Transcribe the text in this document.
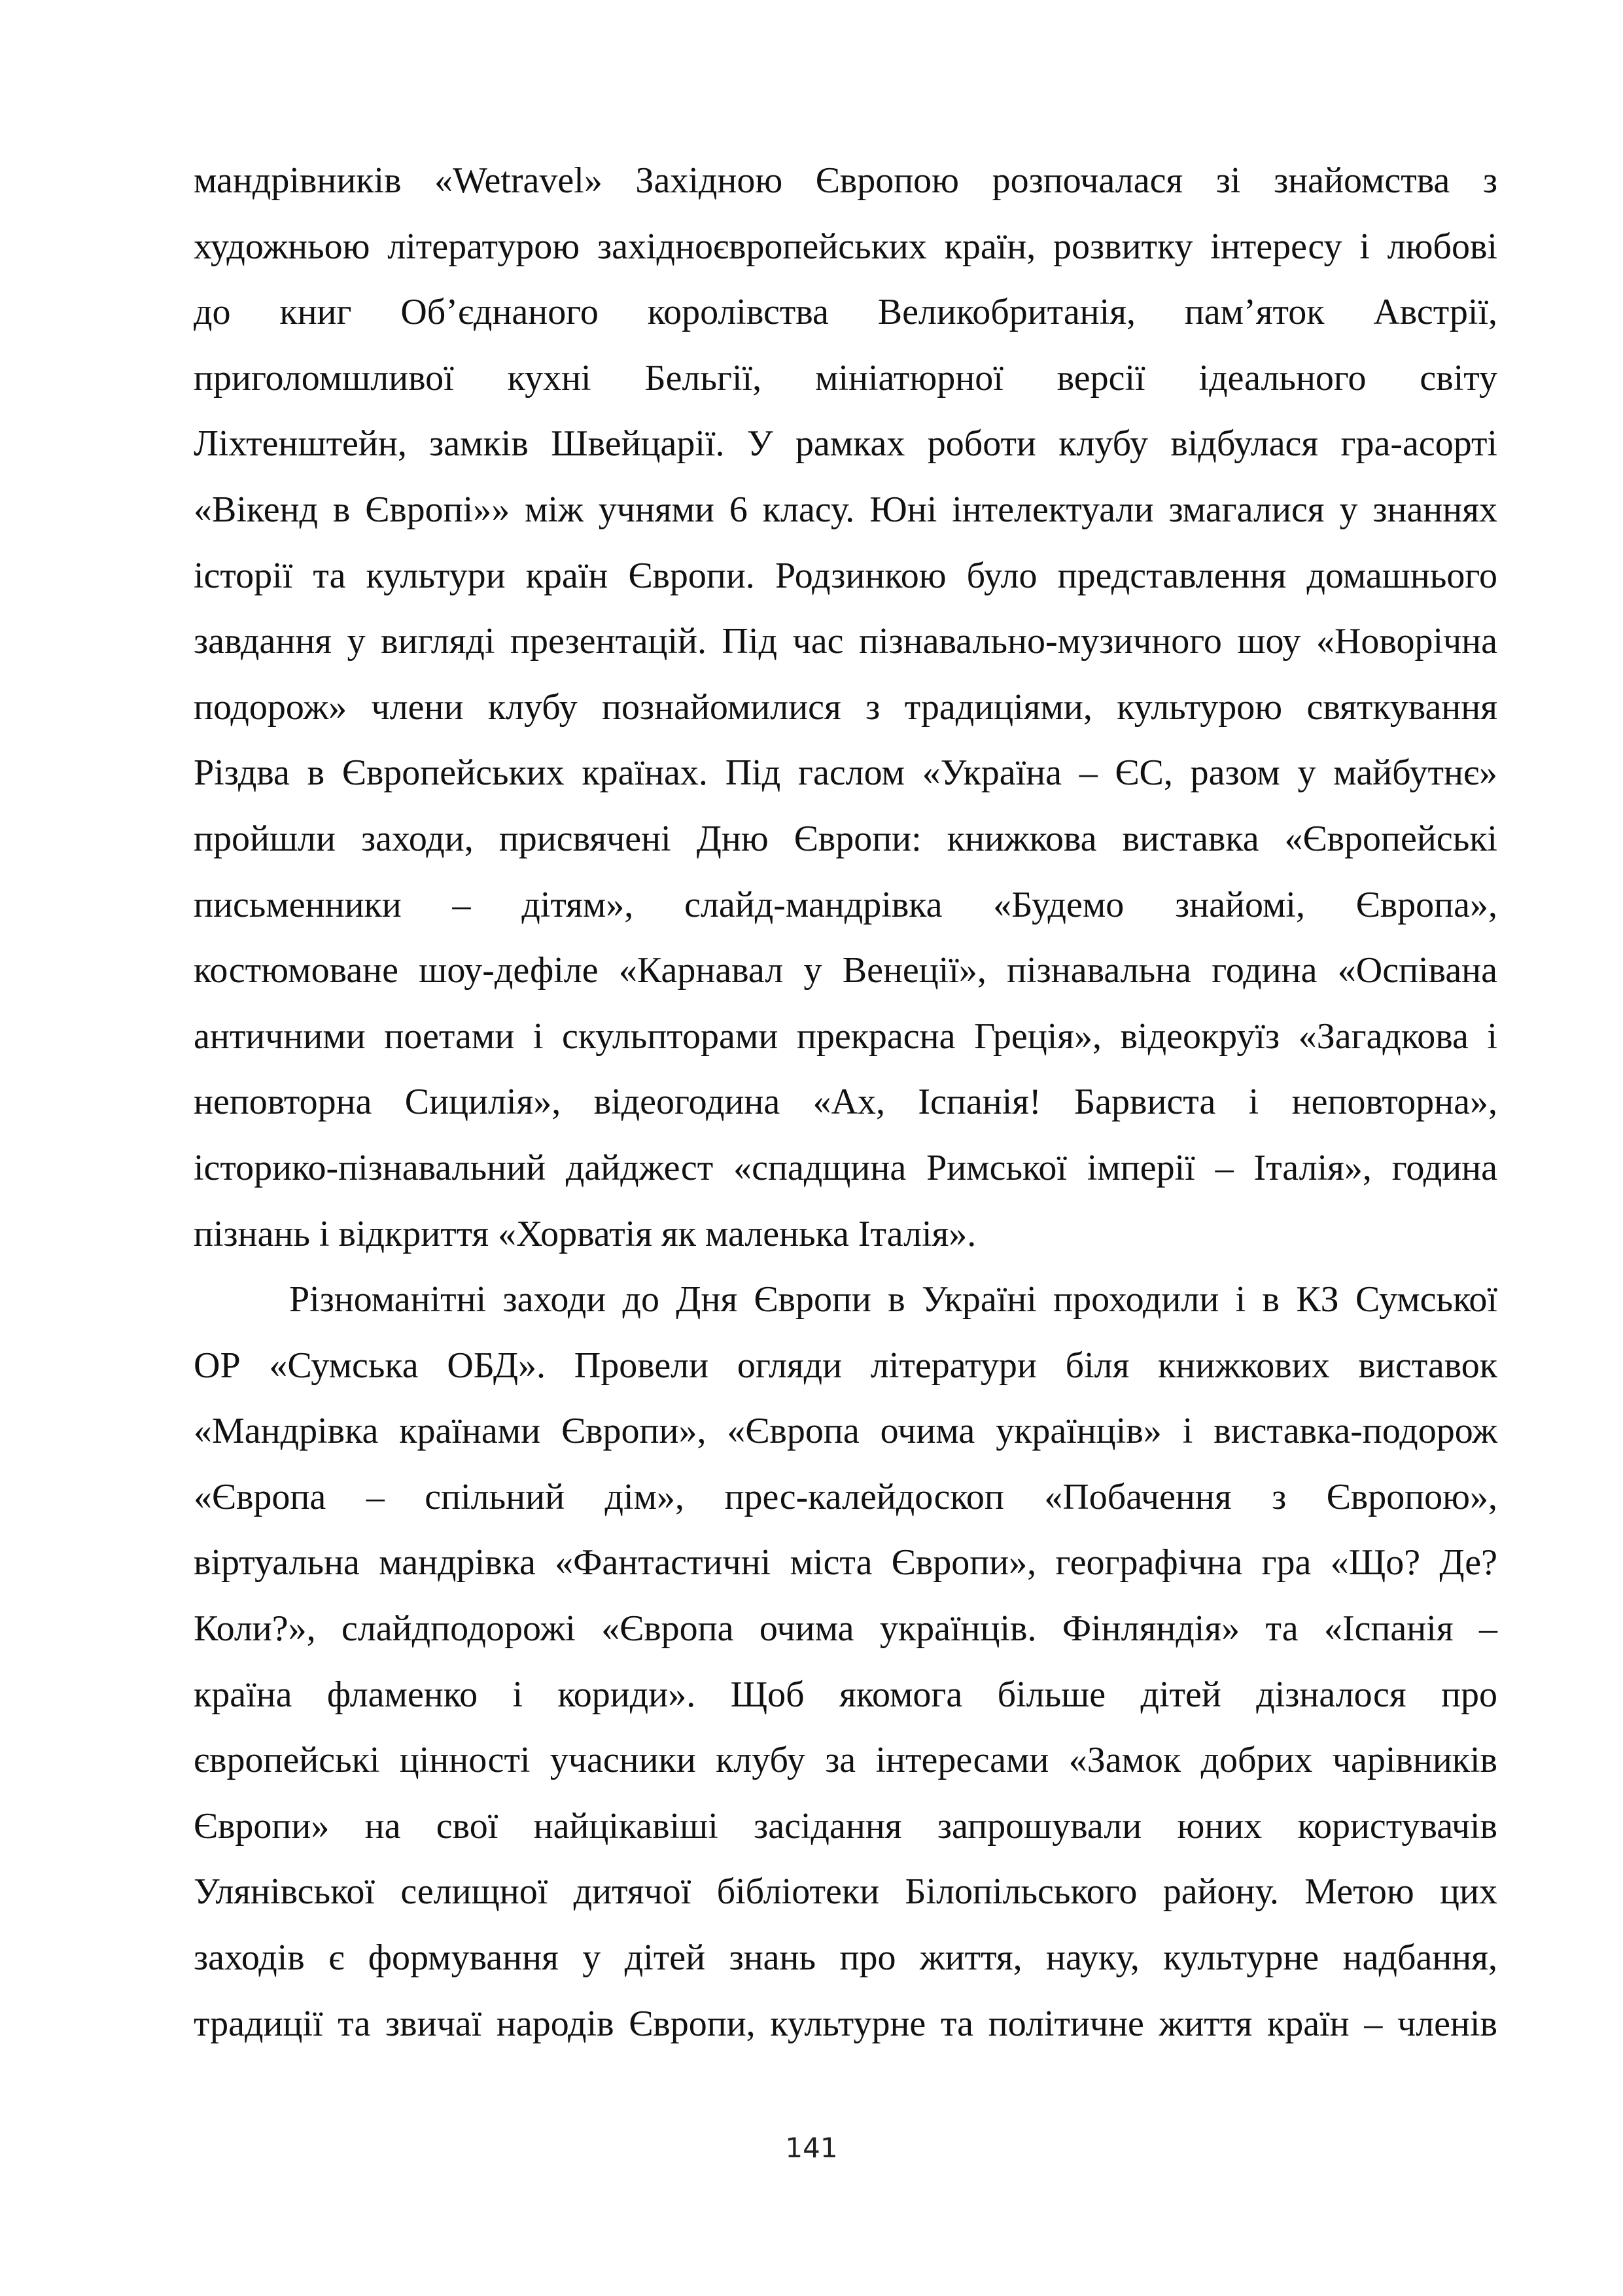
мандрівників «Wetravel» Західною Європою розпочалася зі знайомства з
художньою літературою західноєвропейських країн, розвитку інтересу і любові
до книг Об’єднаного королівства Великобританія, пам’яток Австрії,
приголомшливої кухні Бельгії, мініатюрної версії ідеального світу
Ліхтенштейн, замків Швейцарії. У рамках роботи клубу відбулася гра-асорті
«Вікенд в Європі»» між учнями 6 класу. Юні інтелектуали змагалися у знаннях
історії та культури країн Європи. Родзинкою було представлення домашнього
завдання у вигляді презентацій. Під час пізнавально-музичного шоу «Новорічна
подорож» члени клубу познайомилися з традиціями, культурою святкування
Різдва в Європейських країнах. Під гаслом «Україна – ЄС, разом у майбутнє»
пройшли заходи, присвячені Дню Європи: книжкова виставка «Європейські
письменники – дітям», слайд-мандрівка «Будемо знайомі, Європа»,
костюмоване шоу-дефіле «Карнавал у Венеції», пізнавальна година «Оспівана
античними поетами і скульпторами прекрасна Греція», відеокруїз «Загадкова і
неповторна Сицилія», відеогодина «Ах, Іспанія! Барвиста і неповторна»,
історико-пізнавальний дайджест «спадщина Римської імперії – Італія», година
пізнань і відкриття «Хорватія як маленька Італія».
Різноманітні заходи до Дня Європи в Україні проходили і в КЗ Сумської
ОР «Сумська ОБД». Провели огляди літератури біля книжкових виставок
«Мандрівка країнами Європи», «Європа очима українців» і виставка-подорож
«Європа – спільний дім», прес-калейдоскоп «Побачення з Європою»,
віртуальна мандрівка «Фантастичні міста Європи», географічна гра «Що? Де?
Коли?», слайдподорожі «Європа очима українців. Фінляндія» та «Іспанія –
країна фламенко і кориди». Щоб якомога більше дітей дізналося про
європейські цінності учасники клубу за інтересами «Замок добрих чарівників
Європи» на свої найцікавіші засідання запрошували юних користувачів
Улянівської селищної дитячої бібліотеки Білопільського району. Метою цих
заходів є формування у дітей знань про життя, науку, культурне надбання,
традиції та звичаї народів Європи, культурне та політичне життя країн – членів
141
